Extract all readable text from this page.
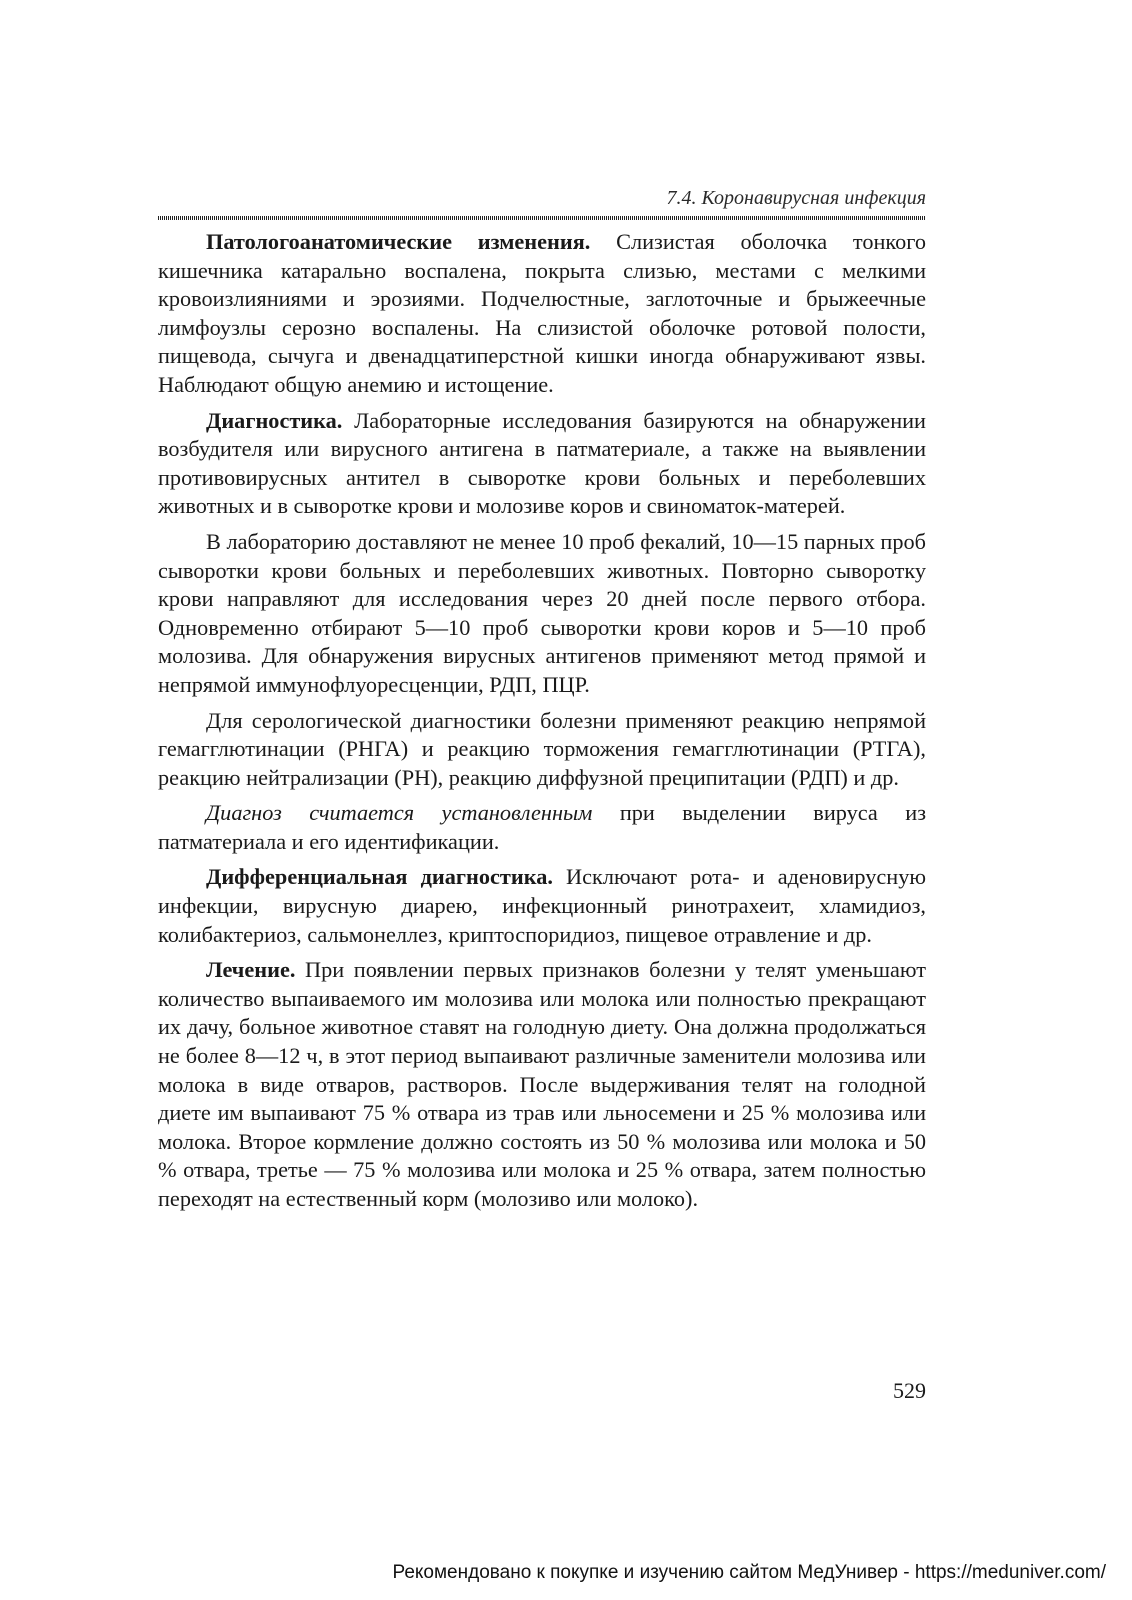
7.4. Коронавирусная инфекция

Патологоанатомические изменения. Слизистая оболочка тонкого кишечника катарально воспалена, покрыта слизью, местами с мелкими кровоизлияниями и эрозиями. Подчелюстные, заглоточные и брыжеечные лимфоузлы серозно воспалены. На слизистой оболочке ротовой полости, пищевода, сычуга и двенадцатиперстной кишки иногда обнаруживают язвы. Наблюдают общую анемию и истощение.

Диагностика. Лабораторные исследования базируются на обнаружении возбудителя или вирусного антигена в патматериале, а также на выявлении противовирусных антител в сыворотке крови больных и переболевших животных и в сыворотке крови и молозиве коров и свиноматок-матерей.

В лабораторию доставляют не менее 10 проб фекалий, 10—15 парных проб сыворотки крови больных и переболевших животных. Повторно сыворотку крови направляют для исследования через 20 дней после первого отбора. Одновременно отбирают 5—10 проб сыворотки крови коров и 5—10 проб молозива. Для обнаружения вирусных антигенов применяют метод прямой и непрямой иммунофлуоресценции, РДП, ПЦР.

Для серологической диагностики болезни применяют реакцию непрямой гемагглютинации (РНГА) и реакцию торможения гемагглютинации (РТГА), реакцию нейтрализации (РН), реакцию диффузной преципитации (РДП) и др.

Диагноз считается установленным при выделении вируса из патматериала и его идентификации.

Дифференциальная диагностика. Исключают рота- и аденовирусную инфекции, вирусную диарею, инфекционный ринотрахеит, хламидиоз, колибактериоз, сальмонеллез, криптоспоридиоз, пищевое отравление и др.

Лечение. При появлении первых признаков болезни у телят уменьшают количество выпаиваемого им молозива или молока или полностью прекращают их дачу, больное животное ставят на голодную диету. Она должна продолжаться не более 8—12 ч, в этот период выпаивают различные заменители молозива или молока в виде отваров, растворов. После выдерживания телят на голодной диете им выпаивают 75 % отвара из трав или льносемени и 25 % молозива или молока. Второе кормление должно состоять из 50 % молозива или молока и 50 % отвара, третье — 75 % молозива или молока и 25 % отвара, затем полностью переходят на естественный корм (молозиво или молоко).

529
Рекомендовано к покупке и изучению сайтом МедУнивер - https://meduniver.com/
